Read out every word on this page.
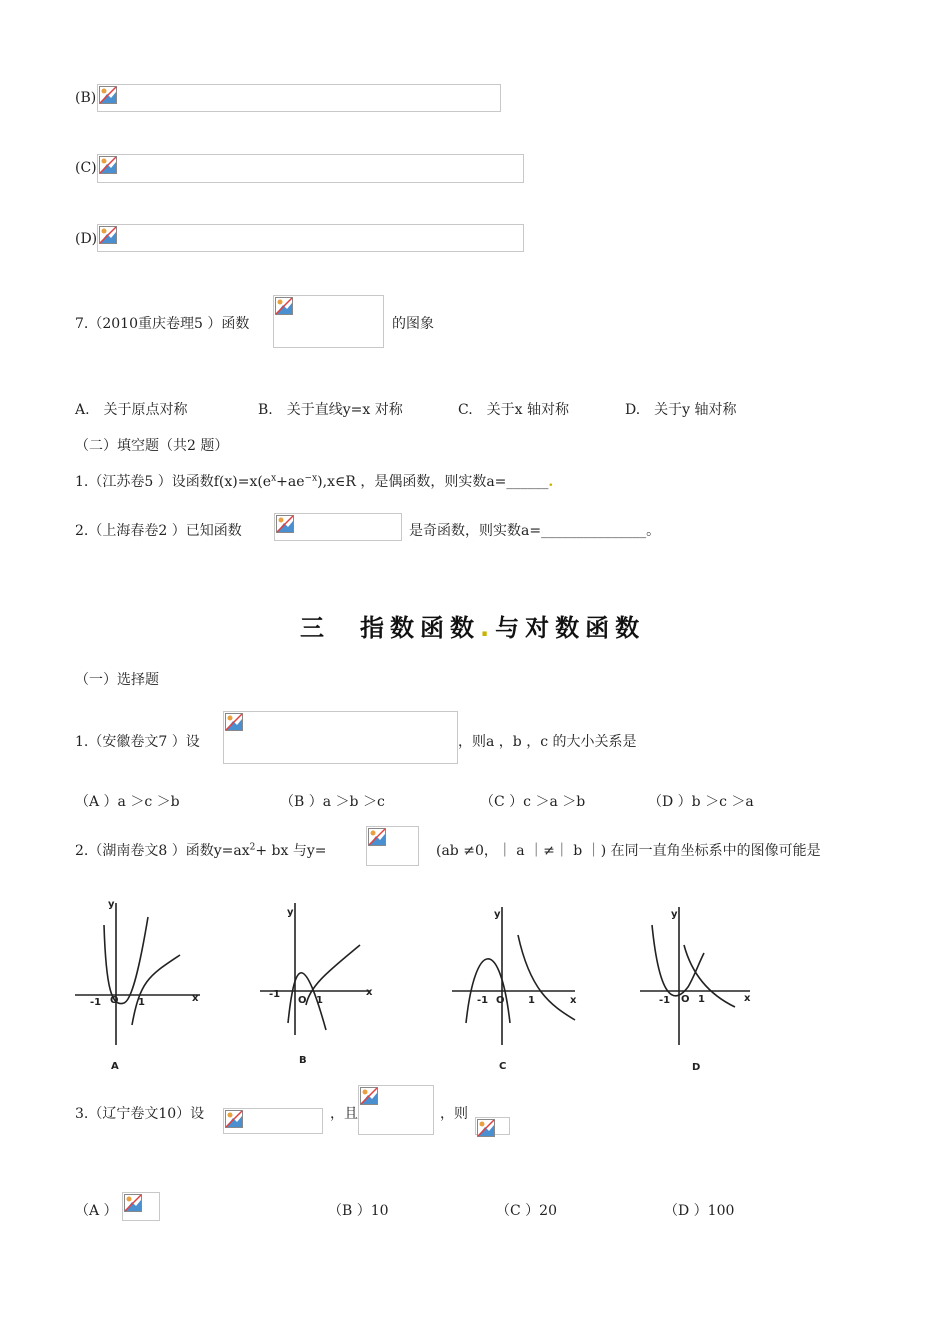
(B)
(C)
(D)
7.（2010重庆卷理5 ）函数	的图象
A.　关于原点对称	B.　关于直线y=x 对称	C.　关于x 轴对称	D.　关于y 轴对称
（二）填空题（共2 题）
1.（江苏卷5 ）设函数$f(x)=x(e^x+ae^{-x}),x\in R$ ，是偶函数，则实数a=______.
2.（上海春卷2 ）已知函数	是奇函数，则实数a=_______________。
三　指数函数.与对数函数
（一）选择题
1.（安徽卷文7 ）设	，则a ，b ，c 的大小关系是
（A ）a ＞c ＞b	（B ）a ＞b ＞c	（C ）c ＞a ＞b	（D ）b ＞c ＞a
2.（湖南卷文8 ）函数$y=ax^2+$ bx 与y=	(ab ≠0，｜ a ｜≠｜ b ｜) 在同一直角坐标系中的图像可能是
y
x
O
-1	1
A
y
x
O
-1
1
B
y
x
O
-1	1
C
y
x
O
-1	1
D
3.（辽宁卷文10）设	，且	，则
（A ）	（B ）10	（C ）20	（D ）100
